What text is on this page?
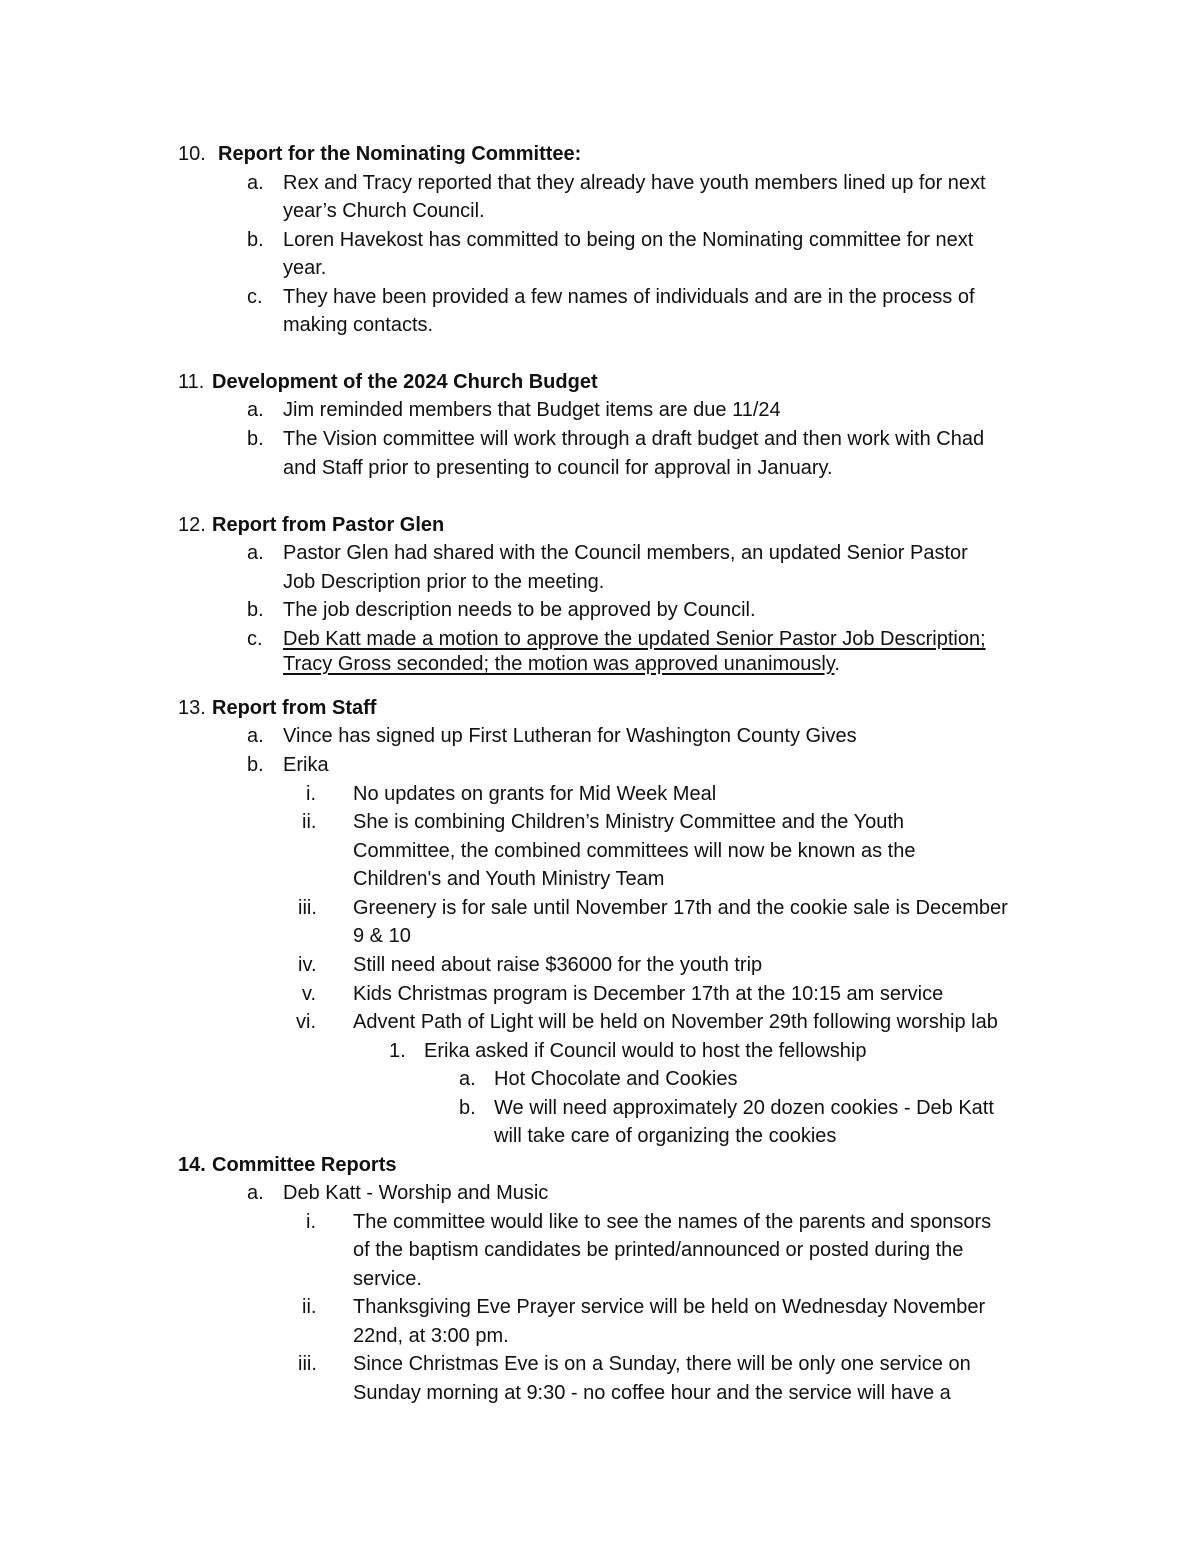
10. Report for the Nominating Committee:
a. Rex and Tracy reported that they already have youth members lined up for next
year’s Church Council.
b. Loren Havekost has committed to being on the Nominating committee for next
year.
c. They have been provided a few names of individuals and are in the process of
making contacts.
11. Development of the 2024 Church Budget
a. Jim reminded members that Budget items are due 11/24
b. The Vision committee will work through a draft budget and then work with Chad
and Staff prior to presenting to council for approval in January.
12. Report from Pastor Glen
a. Pastor Glen had shared with the Council members, an updated Senior Pastor
Job Description prior to the meeting.
b. The job description needs to be approved by Council.
c. Deb Katt made a motion to approve the updated Senior Pastor Job Description;
Tracy Gross seconded; the motion was approved unanimously.
13. Report from Staff
a. Vince has signed up First Lutheran for Washington County Gives
b. Erika
i. No updates on grants for Mid Week Meal
ii. She is combining Children’s Ministry Committee and the Youth
Committee, the combined committees will now be known as the
Children's and Youth Ministry Team
iii. Greenery is for sale until November 17th and the cookie sale is December
9 & 10
iv. Still need about raise $36000 for the youth trip
v. Kids Christmas program is December 17th at the 10:15 am service
vi. Advent Path of Light will be held on November 29th following worship lab
1. Erika asked if Council would to host the fellowship
a. Hot Chocolate and Cookies
b. We will need approximately 20 dozen cookies - Deb Katt
will take care of organizing the cookies
14. Committee Reports
a. Deb Katt - Worship and Music
i. The committee would like to see the names of the parents and sponsors
of the baptism candidates be printed/announced or posted during the
service.
ii. Thanksgiving Eve Prayer service will be held on Wednesday November
22nd, at 3:00 pm.
iii. Since Christmas Eve is on a Sunday, there will be only one service on
Sunday morning at 9:30 - no coffee hour and the service will have a
